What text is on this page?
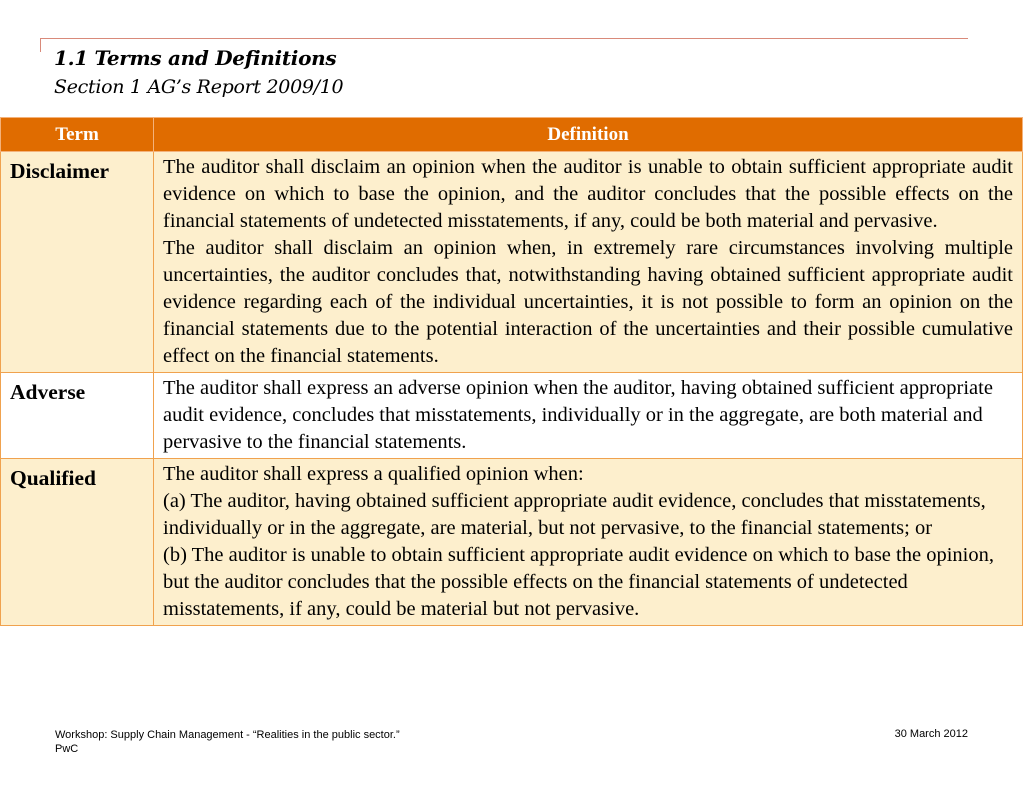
1.1 Terms and Definitions
Section 1 AG’s Report 2009/10
Term	Definition
Disclaimer	The auditor shall disclaim an opinion when the auditor is unable to obtain sufficient appropriate audit evidence on which to base the opinion, and the auditor concludes that the possible effects on the financial statements of undetected misstatements, if any, could be both material and pervasive.

The auditor shall disclaim an opinion when, in extremely rare circumstances involving multiple uncertainties, the auditor concludes that, notwithstanding having obtained sufficient appropriate audit evidence regarding each of the individual uncertainties, it is not possible to form an opinion on the financial statements due to the potential interaction of the uncertainties and their possible cumulative effect on the financial statements.

Adverse	The auditor shall express an adverse opinion when the auditor, having obtained sufficient appropriate audit evidence, concludes that misstatements, individually or in the aggregate, are both material and pervasive to the financial statements.

Qualified	The auditor shall express a qualified opinion when:

(a) The auditor, having obtained sufficient appropriate audit evidence, concludes that misstatements, individually or in the aggregate, are material, but not pervasive, to the financial statements; or

(b) The auditor is unable to obtain sufficient appropriate audit evidence on which to base the opinion, but the auditor concludes that the possible effects on the financial statements of undetected misstatements, if any, could be material but not pervasive.

Workshop: Supply Chain Management - “Realities in the public sector.”
PwC
30 March 2012
